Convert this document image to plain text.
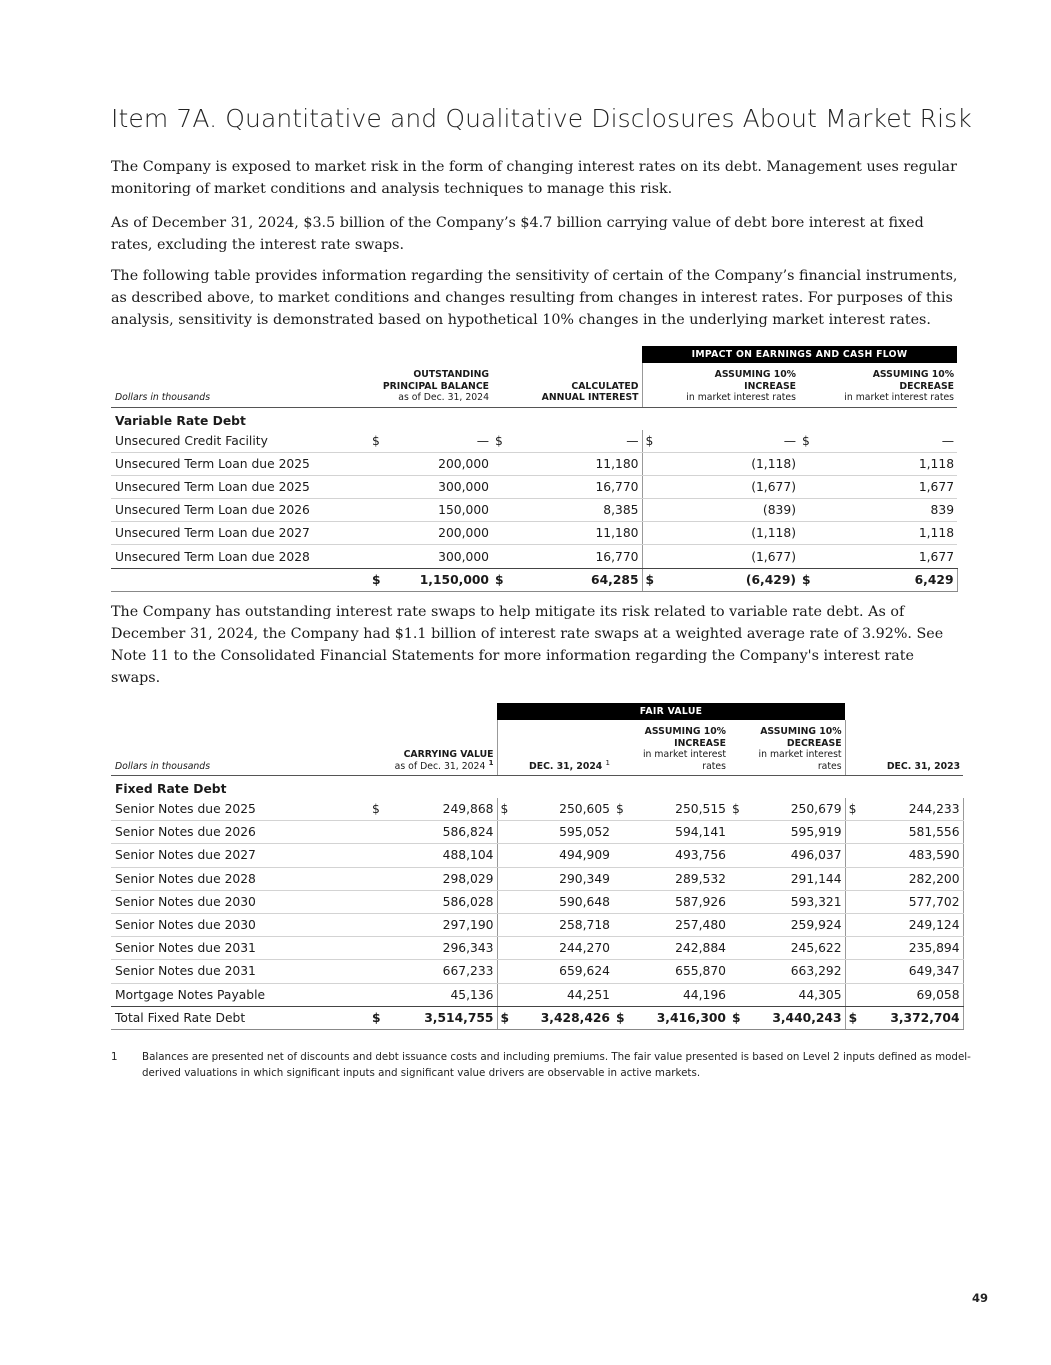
Item 7A. Quantitative and Qualitative Disclosures About Market Risk

The Company is exposed to market risk in the form of changing interest rates on its debt. Management uses regular monitoring of market conditions and analysis techniques to manage this risk.

As of December 31, 2024, $3.5 billion of the Company’s $4.7 billion carrying value of debt bore interest at fixed rates, excluding the interest rate swaps.

The following table provides information regarding the sensitivity of certain of the Company’s financial instruments, as described above, to market conditions and changes resulting from changes in interest rates. For purposes of this analysis, sensitivity is demonstrated based on hypothetical 10% changes in the underlying market interest rates.

					IMPACT ON EARNINGS AND CASH FLOW			
Dollars in thousands	OUTSTANDING
PRINCIPAL BALANCE
as of Dec. 31, 2024		CALCULATED
ANNUAL INTEREST		ASSUMING 10%
INCREASE
in market interest rates		ASSUMING 10%
DECREASE
in market interest rates	
Variable Rate Debt								
Unsecured Credit Facility	$	—	$	—	$	—	$	—
Unsecured Term Loan due 2025		200,000		11,180		(1,118)		1,118
Unsecured Term Loan due 2025		300,000		16,770		(1,677)		1,677
Unsecured Term Loan due 2026		150,000		8,385		(839)		839
Unsecured Term Loan due 2027		200,000		11,180		(1,118)		1,118
Unsecured Term Loan due 2028		300,000		16,770		(1,677)		1,677
	$	1,150,000	$	64,285	$	(6,429)	$	6,429

The Company has outstanding interest rate swaps to help mitigate its risk related to variable rate debt. As of December 31, 2024, the Company had $1.1 billion of interest rate swaps at a weighted average rate of 3.92%. See Note 11 to the Consolidated Financial Statements for more information regarding the Company's interest rate swaps.

			FAIR VALUE							
Dollars in thousands	CARRYING VALUE
as of Dec. 31, 2024 $^1$		DEC. 31, 2024 $^1$		ASSUMING 10%
INCREASE
in market interest
rates		ASSUMING 10%
DECREASE
in market interest
rates		DEC. 31, 2023	
Fixed Rate Debt										
Senior Notes due 2025	$	249,868	$	250,605	$	250,515	$	250,679	$	244,233
Senior Notes due 2026		586,824		595,052		594,141		595,919		581,556
Senior Notes due 2027		488,104		494,909		493,756		496,037		483,590
Senior Notes due 2028		298,029		290,349		289,532		291,144		282,200
Senior Notes due 2030		586,028		590,648		587,926		593,321		577,702
Senior Notes due 2030		297,190		258,718		257,480		259,924		249,124
Senior Notes due 2031		296,343		244,270		242,884		245,622		235,894
Senior Notes due 2031		667,233		659,624		655,870		663,292		649,347
Mortgage Notes Payable		45,136		44,251		44,196		44,305		69,058
Total Fixed Rate Debt	$	3,514,755	$	3,428,426	$	3,416,300	$	3,440,243	$	3,372,704
1 Balances are presented net of discounts and debt issuance costs and including premiums. The fair value presented is based on Level 2 inputs defined as model-derived valuations in which significant inputs and significant value drivers are observable in active markets.
49
